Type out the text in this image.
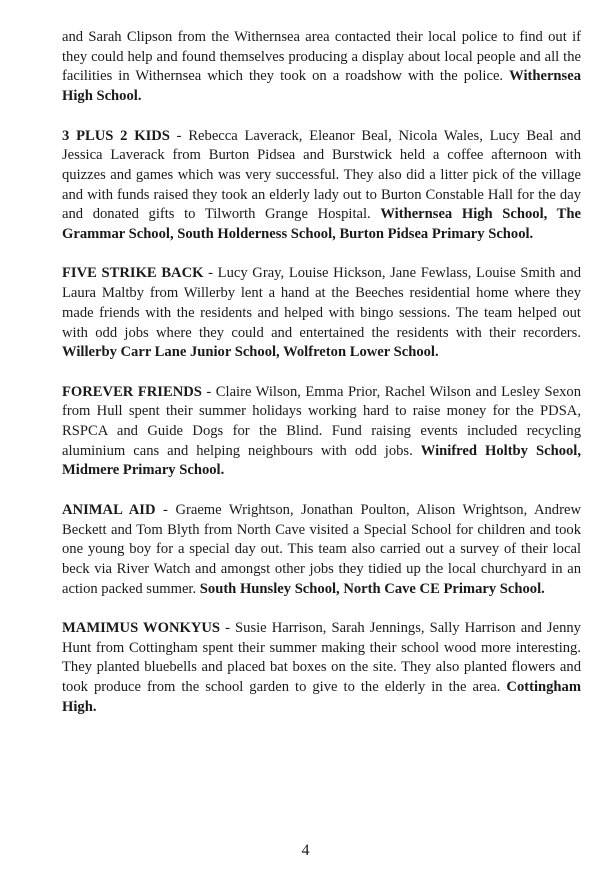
and Sarah Clipson from the Withernsea area contacted their local police to find out if they could help and found themselves producing a display about local people and all the facilities in Withernsea which they took on a roadshow with the police. Withernsea High School.

3 PLUS 2 KIDS - Rebecca Laverack, Eleanor Beal, Nicola Wales, Lucy Beal and Jessica Laverack from Burton Pidsea and Burstwick held a coffee afternoon with quizzes and games which was very successful. They also did a litter pick of the village and with funds raised they took an elderly lady out to Burton Constable Hall for the day and donated gifts to Tilworth Grange Hospital. Withernsea High School, The Grammar School, South Holderness School, Burton Pidsea Primary School.

FIVE STRIKE BACK - Lucy Gray, Louise Hickson, Jane Fewlass, Louise Smith and Laura Maltby from Willerby lent a hand at the Beeches residential home where they made friends with the residents and helped with bingo sessions. The team helped out with odd jobs where they could and entertained the residents with their recorders. Willerby Carr Lane Junior School, Wolfreton Lower School.

FOREVER FRIENDS - Claire Wilson, Emma Prior, Rachel Wilson and Lesley Sexon from Hull spent their summer holidays working hard to raise money for the PDSA, RSPCA and Guide Dogs for the Blind. Fund raising events included recycling aluminium cans and helping neighbours with odd jobs. Winifred Holtby School, Midmere Primary School.

ANIMAL AID - Graeme Wrightson, Jonathan Poulton, Alison Wrightson, Andrew Beckett and Tom Blyth from North Cave visited a Special School for children and took one young boy for a special day out. This team also carried out a survey of their local beck via River Watch and amongst other jobs they tidied up the local churchyard in an action packed summer. South Hunsley School, North Cave CE Primary School.

MAMIMUS WONKYUS - Susie Harrison, Sarah Jennings, Sally Harrison and Jenny Hunt from Cottingham spent their summer making their school wood more interesting. They planted bluebells and placed bat boxes on the site. They also planted flowers and took produce from the school garden to give to the elderly in the area. Cottingham High.

4
